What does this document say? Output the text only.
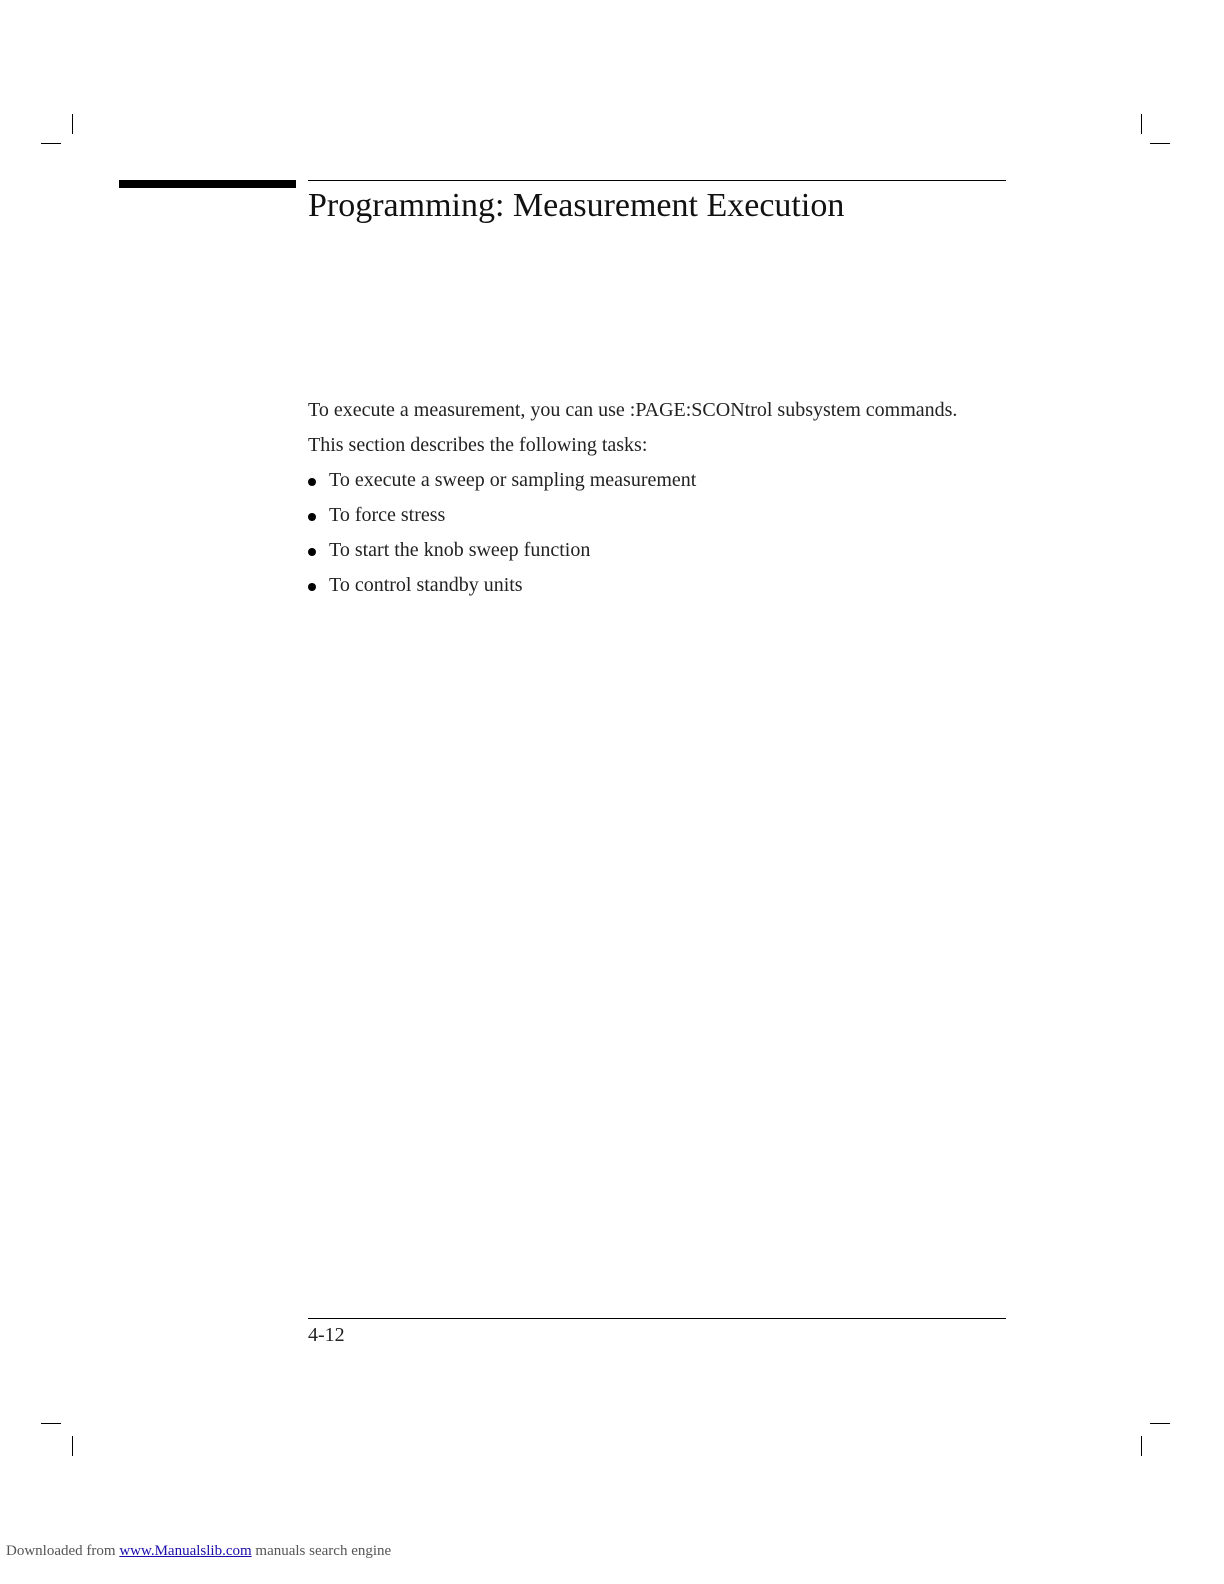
Programming: Measurement Execution

To execute a measurement, you can use :PAGE:SCONtrol subsystem commands.

This section describes the following tasks:

To execute a sweep or sampling measurement
To force stress
To start the knob sweep function
To control standby units
4-12
Downloaded from www.Manualslib.com manuals search engine
